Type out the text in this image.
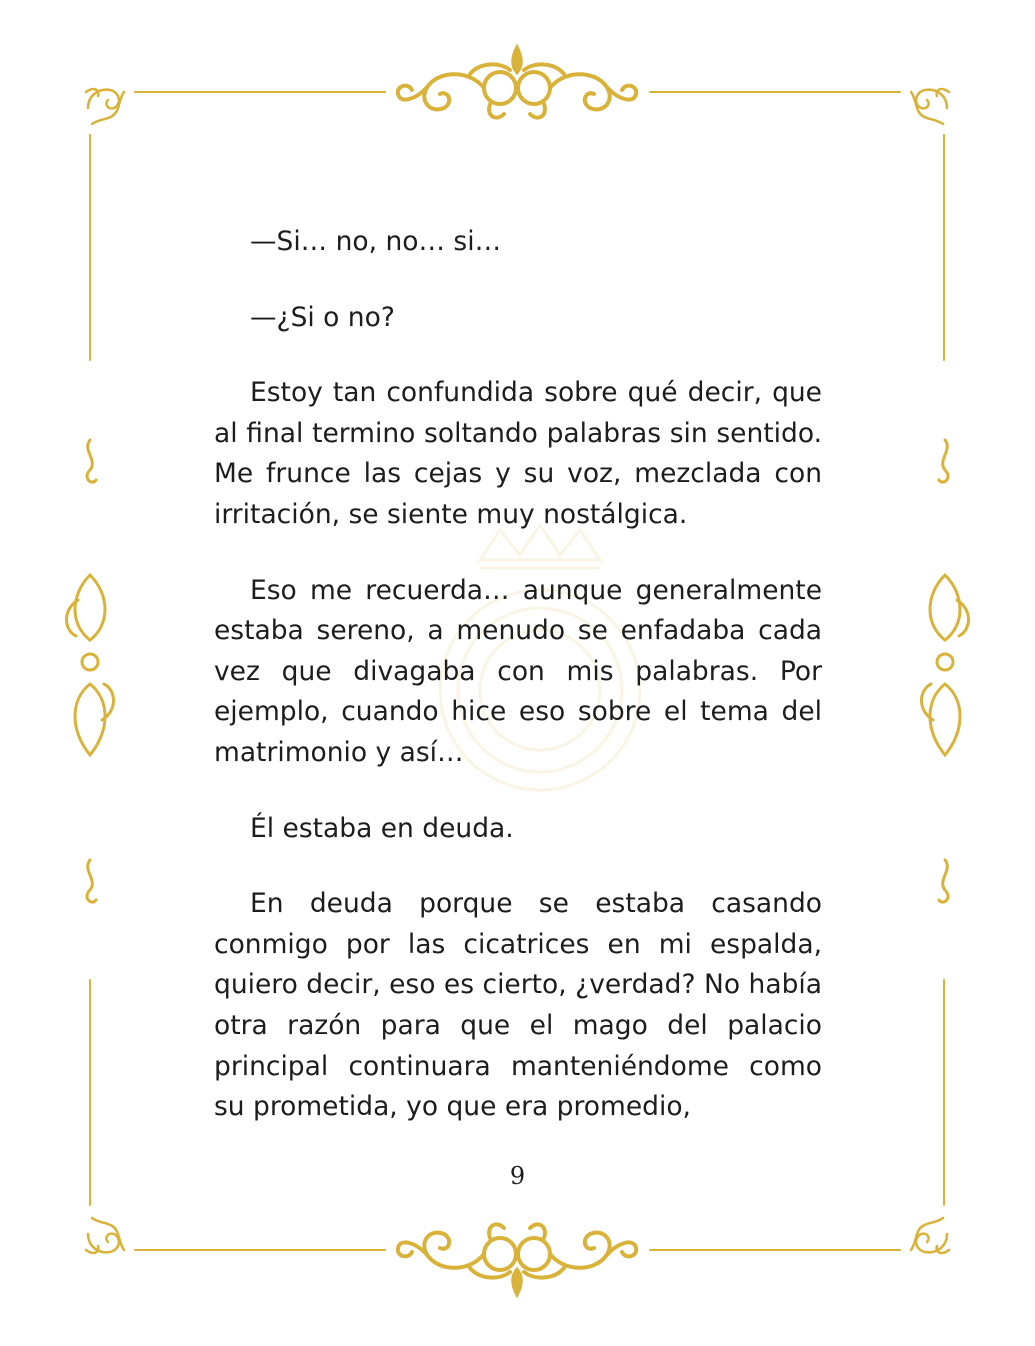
—Si… no, no… si…

—¿Si o no?

Estoy tan confundida sobre qué decir, que al final termino soltando palabras sin sentido. Me frunce las cejas y su voz, mezclada con irritación, se siente muy nostálgica.

Eso me recuerda… aunque generalmente estaba sereno, a menudo se enfadaba cada vez que divagaba con mis palabras. Por ejemplo, cuando hice eso sobre el tema del matrimonio y así…

Él estaba en deuda.

En deuda porque se estaba casando conmigo por las cicatrices en mi espalda, quiero decir, eso es cierto, ¿verdad? No había otra razón para que el mago del palacio principal continuara manteniéndome como su prometida, yo que era promedio,

9
